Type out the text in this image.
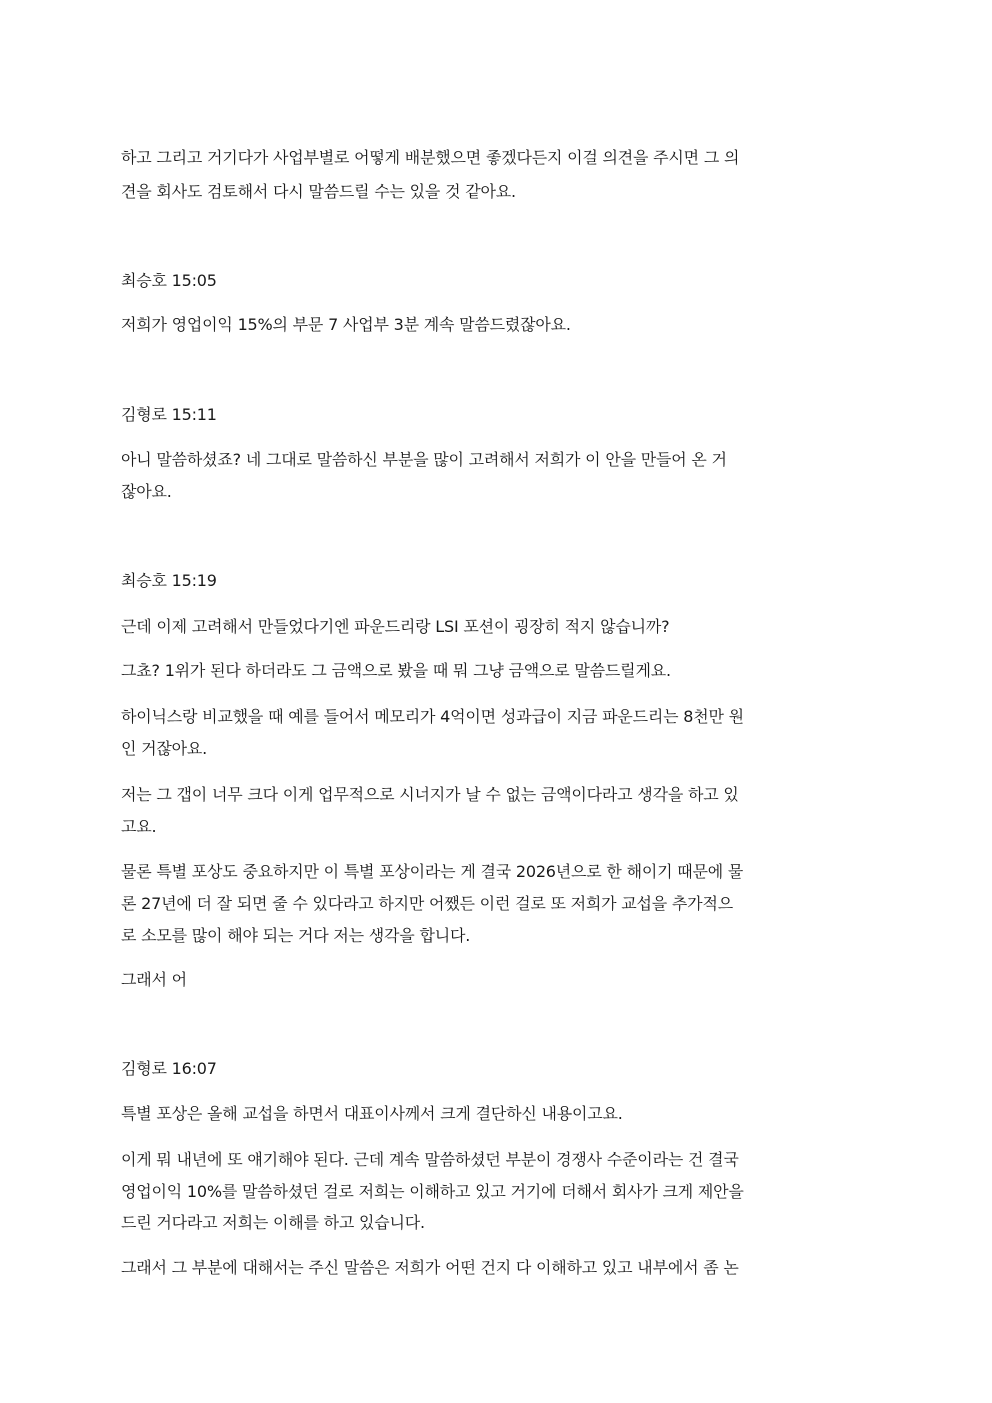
하고 그리고 거기다가 사업부별로 어떻게 배분했으면 좋겠다든지 이걸 의견을 주시면 그 의
견을 회사도 검토해서 다시 말씀드릴 수는 있을 것 같아요.
최승호 15:05
저희가 영업이익 15%의 부문 7 사업부 3분 계속 말씀드렸잖아요.
김형로 15:11
아니 말씀하셨죠? 네 그대로 말씀하신 부분을 많이 고려해서 저희가 이 안을 만들어 온 거
잖아요.
최승호 15:19
근데 이제 고려해서 만들었다기엔 파운드리랑 LSI 포션이 굉장히 적지 않습니까?
그쵸? 1위가 된다 하더라도 그 금액으로 봤을 때 뭐 그냥 금액으로 말씀드릴게요.
하이닉스랑 비교했을 때 예를 들어서 메모리가 4억이면 성과급이 지금 파운드리는 8천만 원
인 거잖아요.
저는 그 갭이 너무 크다 이게 업무적으로 시너지가 날 수 없는 금액이다라고 생각을 하고 있
고요.
물론 특별 포상도 중요하지만 이 특별 포상이라는 게 결국 2026년으로 한 해이기 때문에 물
론 27년에 더 잘 되면 줄 수 있다라고 하지만 어쨌든 이런 걸로 또 저희가 교섭을 추가적으
로 소모를 많이 해야 되는 거다 저는 생각을 합니다.
그래서 어
김형로 16:07
특별 포상은 올해 교섭을 하면서 대표이사께서 크게 결단하신 내용이고요.
이게 뭐 내년에 또 얘기해야 된다. 근데 계속 말씀하셨던 부분이 경쟁사 수준이라는 건 결국
영업이익 10%를 말씀하셨던 걸로 저희는 이해하고 있고 거기에 더해서 회사가 크게 제안을
드린 거다라고 저희는 이해를 하고 있습니다.
그래서 그 부분에 대해서는 주신 말씀은 저희가 어떤 건지 다 이해하고 있고 내부에서 좀 논
